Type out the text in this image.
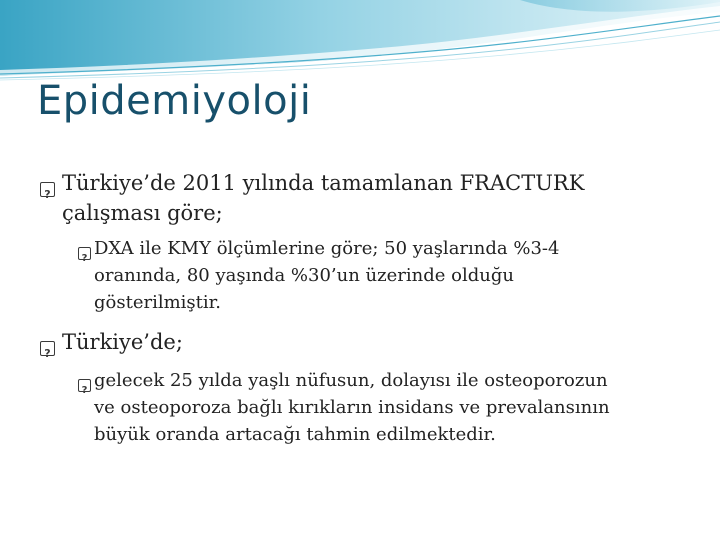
Epidemiyoloji
?
Türkiye’de 2011 yılında tamamlanan FRACTURK
çalışması göre;
?
DXA ile KMY ölçümlerine göre; 50 yaşlarında %3-4
oranında, 80 yaşında %30’un üzerinde olduğu
gösterilmiştir.
?
Türkiye’de;
?
gelecek 25 yılda yaşlı nüfusun, dolayısı ile osteoporozun
ve osteoporoza bağlı kırıkların insidans ve prevalansının
büyük oranda artacağı tahmin edilmektedir.
